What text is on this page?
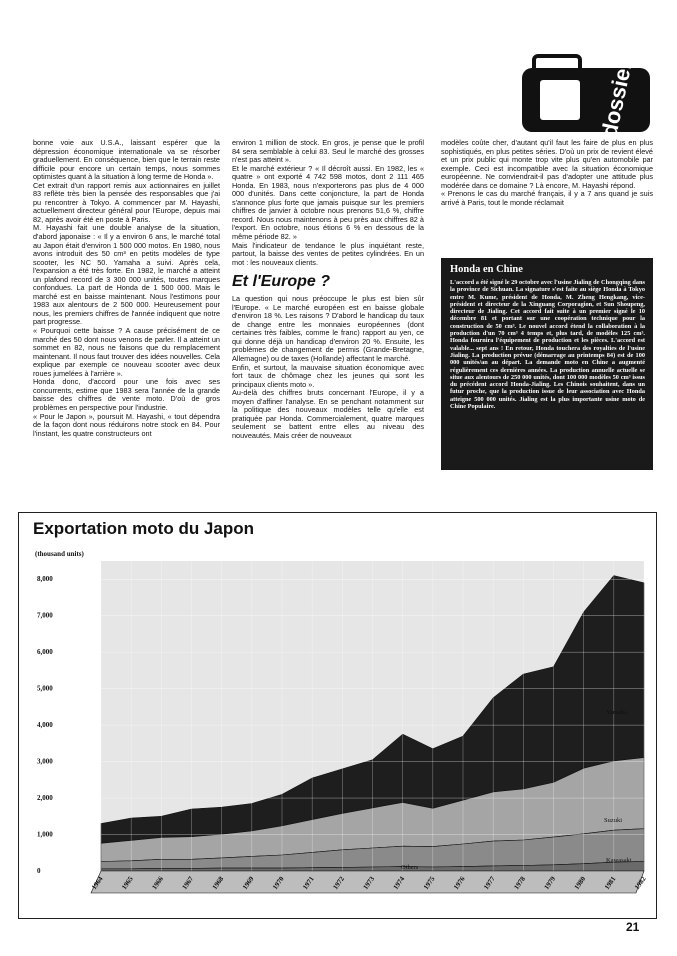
dossier

bonne voie aux U.S.A., laissant espérer que la dépression économique internationale va se résorber graduellement. En conséquence, bien que le terrain reste difficile pour encore un certain temps, nous sommes optimistes quant à la situation à long terme de Honda ».

Cet extrait d'un rapport remis aux actionnaires en juillet 83 reflète très bien la pensée des responsables que j'ai pu rencontrer à Tokyo. A commencer par M. Hayashi, actuellement directeur général pour l'Europe, depuis mai 82, après avoir été en poste à Paris.

M. Hayashi fait une double analyse de la situation, d'abord japonaise : « Il y a environ 6 ans, le marché total au Japon était d'environ 1 500 000 motos. En 1980, nous avons introduit des 50 cm³ en petits modèles de type scooter, les NC 50. Yamaha a suivi. Après cela, l'expansion a été très forte. En 1982, le marché a atteint un plafond record de 3 300 000 unités, toutes marques confondues. La part de Honda de 1 500 000. Mais le marché est en baisse maintenant. Nous l'estimons pour 1983 aux alentours de 2 500 000. Heureusement pour nous, les premiers chiffres de l'année indiquent que notre part progresse.

« Pourquoi cette baisse ? A cause précisément de ce marché des 50 dont nous venons de parler. Il a atteint un sommet en 82, nous ne faisons que du remplacement maintenant. Il nous faut trouver des idées nouvelles. Cela explique par exemple ce nouveau scooter avec deux roues jumelées à l'arrière ».

Honda donc, d'accord pour une fois avec ses concurrents, estime que 1983 sera l'année de la grande baisse des chiffres de vente moto. D'où de gros problèmes en perspective pour l'industrie.

« Pour le Japon », poursuit M. Hayashi, « tout dépendra de la façon dont nous réduirons notre stock en 84. Pour l'instant, les quatre constructeurs ont

environ 1 million de stock. En gros, je pense que le profil 84 sera semblable à celui 83. Seul le marché des grosses n'est pas atteint ».

Et le marché extérieur ? « Il décroît aussi. En 1982, les « quatre » ont exporté 4 742 598 motos, dont 2 111 465 Honda. En 1983, nous n'exporterons pas plus de 4 000 000 d'unités. Dans cette conjoncture, la part de Honda s'annonce plus forte que jamais puisque sur les premiers chiffres de janvier à octobre nous prenons 51,6 %, chiffre record. Nous nous maintenons à peu près aux chiffres 82 à l'export. En octobre, nous étions 6 % en dessous de la même période 82. »

Mais l'indicateur de tendance le plus inquiétant reste, partout, la baisse des ventes de petites cylindrées. En un mot : les nouveaux clients.

Et l'Europe ?

La question qui nous préoccupe le plus est bien sûr l'Europe. « Le marché européen est en baisse globale d'environ 18 %. Les raisons ? D'abord le handicap du taux de change entre les monnaies européennes (dont certaines très faibles, comme le franc) rapport au yen, ce qui donne déjà un handicap d'environ 20 %. Ensuite, les problèmes de changement de permis (Grande-Bretagne, Allemagne) ou de taxes (Hollande) affectant le marché.

Enfin, et surtout, la mauvaise situation économique avec fort taux de chômage chez les jeunes qui sont les principaux clients moto ».

Au-delà des chiffres bruts concernant l'Europe, il y a moyen d'affiner l'analyse. En se penchant notamment sur la politique des nouveaux modèles telle qu'elle est pratiquée par Honda. Commercialement, quatre marques seulement se battent entre elles au niveau des nouveautés. Mais créer de nouveaux

modèles coûte cher, d'autant qu'il faut les faire de plus en plus sophistiqués, en plus petites séries. D'où un prix de revient élevé et un prix public qui monte trop vite plus qu'en automobile par exemple. Ceci est incompatible avec la situation économique européenne. Ne conviendrait-il pas d'adopter une attitude plus modérée dans ce domaine ? Là encore, M. Hayashi répond.

« Prenons le cas du marché français, il y a 7 ans quand je suis arrivé à Paris, tout le monde réclamait

Honda en Chine
L'accord a été signé le 29 octobre avec l'usine Jialing de Chongqing dans la province de Sichuan. La signature s'est faite au siège Honda à Tokyo entre M. Kume, président de Honda, M. Zheng Hengkang, vice-président et directeur de la Xinguang Corporagion, et Sun Shoupeng, directeur de Jialing. Cet accord fait suite à un premier signé le 10 décembre 81 et portant sur une coopération technique pour la construction de 50 cm³. Le nouvel accord étend la collaboration à la production d'un 70 cm³ 4 temps et, plus tard, de modèles 125 cm³. Honda fournira l'équipement de production et les pièces. L'accord est valable... sept ans ! En retour, Honda touchera des royalties de l'usine Jialing. La production prévue (démarrage au printemps 84) est de 100 000 unités/an au départ. La demande moto en Chine a augmenté régulièrement ces dernières années. La production annuelle actuelle se situe aux alentours de 250 000 unités, dont 100 000 modèles 50 cm³ issus du précédent accord Honda-Jialing. Les Chinois souhaitent, dans un futur proche, que la production issue de leur association avec Honda atteigne 500 000 unités. Jialing est la plus importante usine moto de Chine Populaire.
Exportation moto du Japon
8,000
7,000
6,000
5,000
4,000
3,000
2,000
1,000
0
(thousand units)
1964 1965 1966 1967 1968 1969 1970 1971 1972 1973 1974 1975 1976 1977 1978 1979 1980 1981 1982
Others
Kawasaki
Suzuki
Yamaha
21
